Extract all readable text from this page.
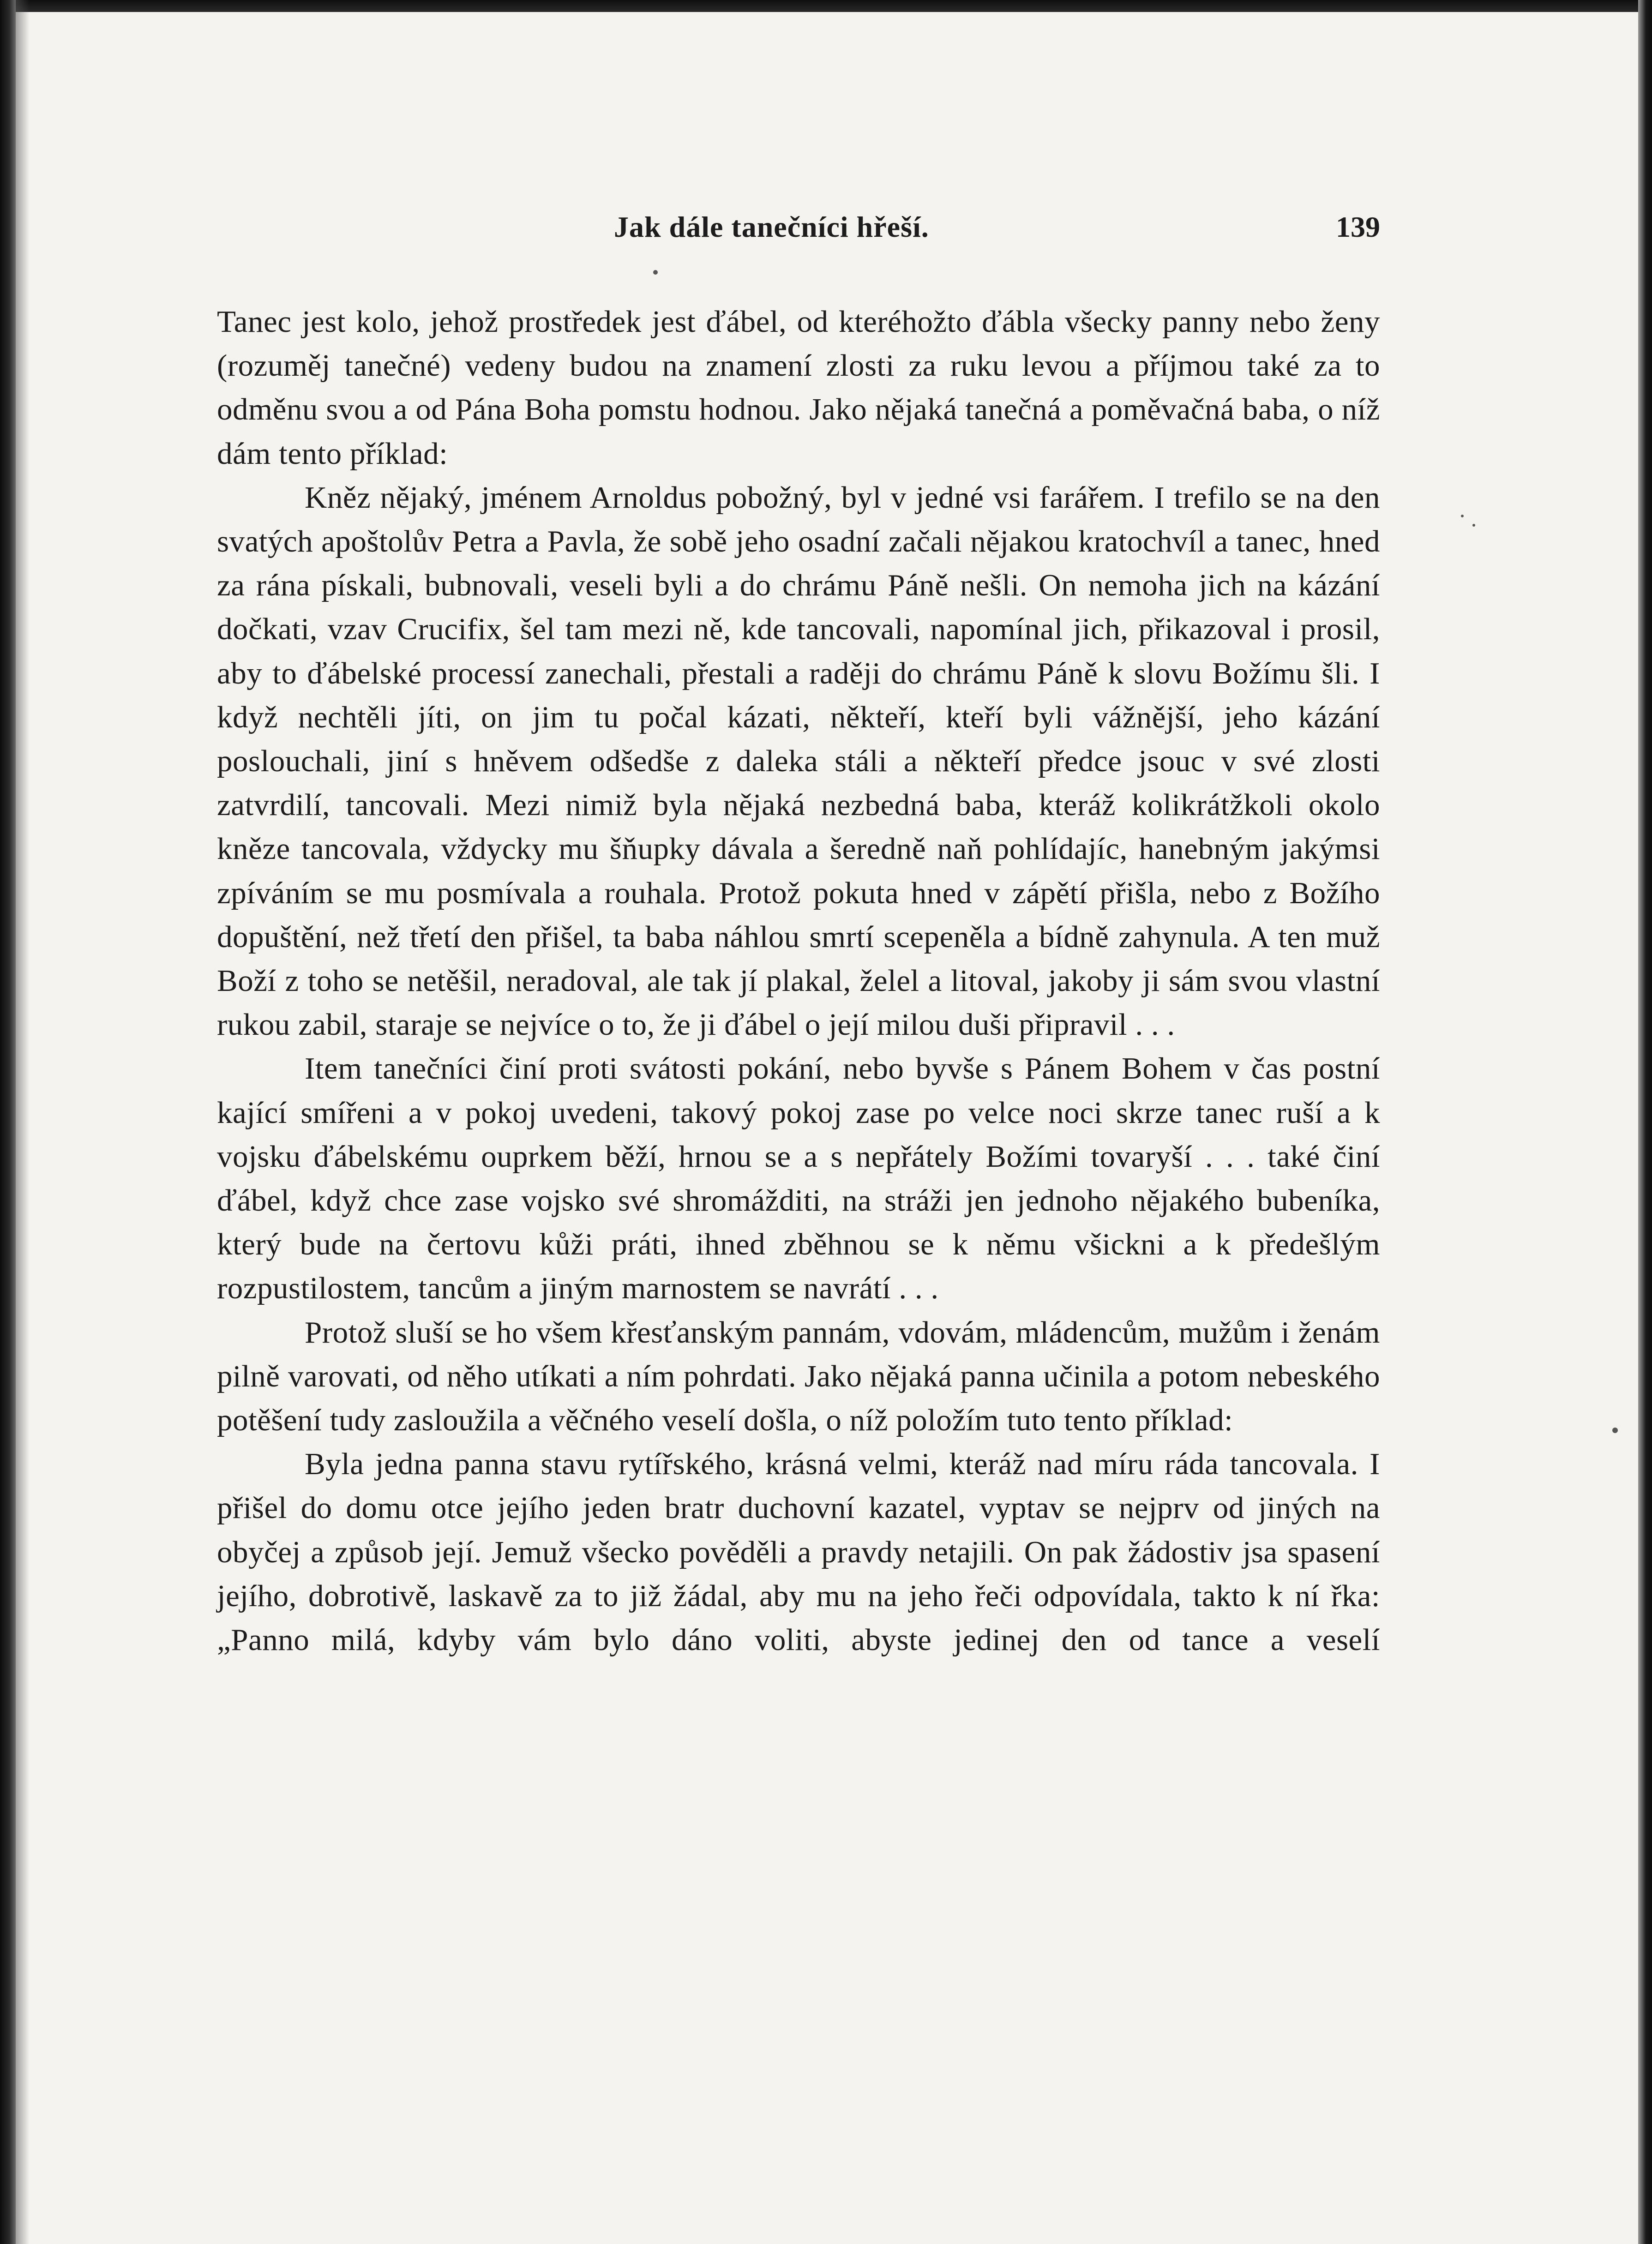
Jak dále tanečníci hřeší.	139

Tanec jest kolo, jehož prostředek jest ďábel, od kteréhožto ďábla všecky panny nebo ženy (rozuměj tanečné) vedeny budou na znamení zlosti za ruku levou a příjmou také za to odměnu svou a od Pána Boha pomstu hodnou. Jako nějaká tanečná a poměvačná baba, o níž dám tento příklad:

Kněz nějaký, jménem Arnoldus pobožný, byl v jedné vsi farářem. I trefilo se na den svatých apoštolův Petra a Pavla, že sobě jeho osadní začali nějakou kratochvíl a tanec, hned za rána pískali, bubnovali, veseli byli a do chrámu Páně nešli. On nemoha jich na kázání dočkati, vzav Crucifix, šel tam mezi ně, kde tancovali, napomínal jich, přikazoval i prosil, aby to ďábelské processí zanechali, přestali a raději do chrámu Páně k slovu Božímu šli. I když nechtěli jíti, on jim tu počal kázati, někteří, kteří byli vážnější, jeho kázání poslouchali, jiní s hněvem odšedše z daleka stáli a někteří předce jsouc v své zlosti zatvrdilí, tancovali. Mezi nimiž byla nějaká nezbedná baba, kteráž kolikrátžkoli okolo kněze tancovala, vždycky mu šňupky dávala a šeredně naň pohlídajíc, hanebným jakýmsi zpíváním se mu posmívala a rouhala. Protož pokuta hned v zápětí přišla, nebo z Božího dopuštění, než třetí den přišel, ta baba náhlou smrtí scepeněla a bídně zahynula. A ten muž Boží z toho se netěšil, neradoval, ale tak jí plakal, želel a litoval, jakoby ji sám svou vlastní rukou zabil, staraje se nejvíce o to, že ji ďábel o její milou duši připravil . . .

Item tanečníci činí proti svátosti pokání, nebo byvše s Pánem Bohem v čas postní kající smířeni a v pokoj uvedeni, takový pokoj zase po velce noci skrze tanec ruší a k vojsku ďábelskému ouprkem běží, hrnou se a s nepřátely Božími tovaryší . . . také činí ďábel, když chce zase vojsko své shromážditi, na stráži jen jednoho nějakého bubeníka, který bude na čertovu kůži práti, ihned zběhnou se k němu všickni a k předešlým rozpustilostem, tancům a jiným marnostem se navrátí . . .

Protož sluší se ho všem křesťanským pannám, vdovám, mládencům, mužům i ženám pilně varovati, od něho utíkati a ním pohrdati. Jako nějaká panna učinila a potom nebeského potěšení tudy zasloužila a věčného veselí došla, o níž položím tuto tento příklad:

Byla jedna panna stavu rytířského, krásná velmi, kteráž nad míru ráda tancovala. I přišel do domu otce jejího jeden bratr duchovní kazatel, vyptav se nejprv od jiných na obyčej a způsob její. Jemuž všecko pověděli a pravdy netajili. On pak žádostiv jsa spasení jejího, dobrotivě, laskavě za to již žádal, aby mu na jeho řeči odpovídala, takto k ní řka: „Panno milá, kdyby vám bylo dáno voliti, abyste jedinej den od tance a veselí
